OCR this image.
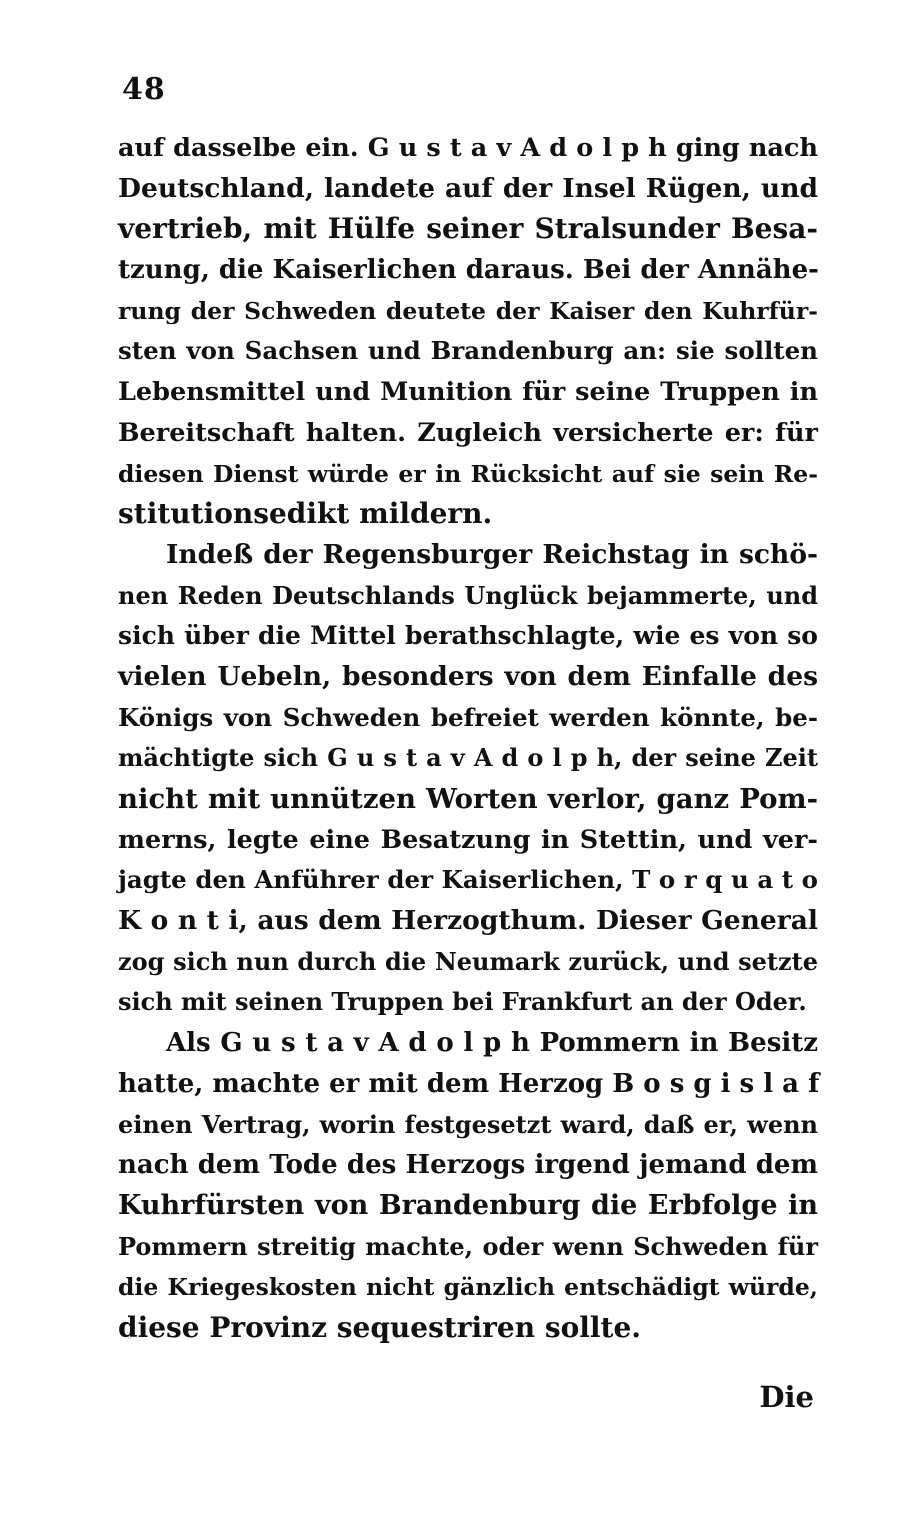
48
auf dasselbe ein. G u s t a v A d o l p h ging nach
Deutschland, landete auf der Insel Rügen, und
vertrieb, mit Hülfe seiner Stralsunder Besa-
tzung, die Kaiserlichen daraus. Bei der Annähe-
rung der Schweden deutete der Kaiser den Kuhrfür-
sten von Sachsen und Brandenburg an: sie sollten
Lebensmittel und Munition für seine Truppen in
Bereitschaft halten. Zugleich versicherte er: für
diesen Dienst würde er in Rücksicht auf sie sein Re-
stitutionsedikt mildern.
Indeß der Regensburger Reichstag in schö-
nen Reden Deutschlands Unglück bejammerte, und
sich über die Mittel berathschlagte, wie es von so
vielen Uebeln, besonders von dem Einfalle des
Königs von Schweden befreiet werden könnte, be-
mächtigte sich G u s t a v A d o l p h, der seine Zeit
nicht mit unnützen Worten verlor, ganz Pom-
merns, legte eine Besatzung in Stettin, und ver-
jagte den Anführer der Kaiserlichen, T o r q u a t o
K o n t i, aus dem Herzogthum. Dieser General
zog sich nun durch die Neumark zurück, und setzte
sich mit seinen Truppen bei Frankfurt an der Oder.
Als G u s t a v A d o l p h Pommern in Besitz
hatte, machte er mit dem Herzog B o s g i s l a f
einen Vertrag, worin festgesetzt ward, daß er, wenn
nach dem Tode des Herzogs irgend jemand dem
Kuhrfürsten von Brandenburg die Erbfolge in
Pommern streitig machte, oder wenn Schweden für
die Kriegeskosten nicht gänzlich entschädigt würde,
diese Provinz sequestriren sollte.
Die
